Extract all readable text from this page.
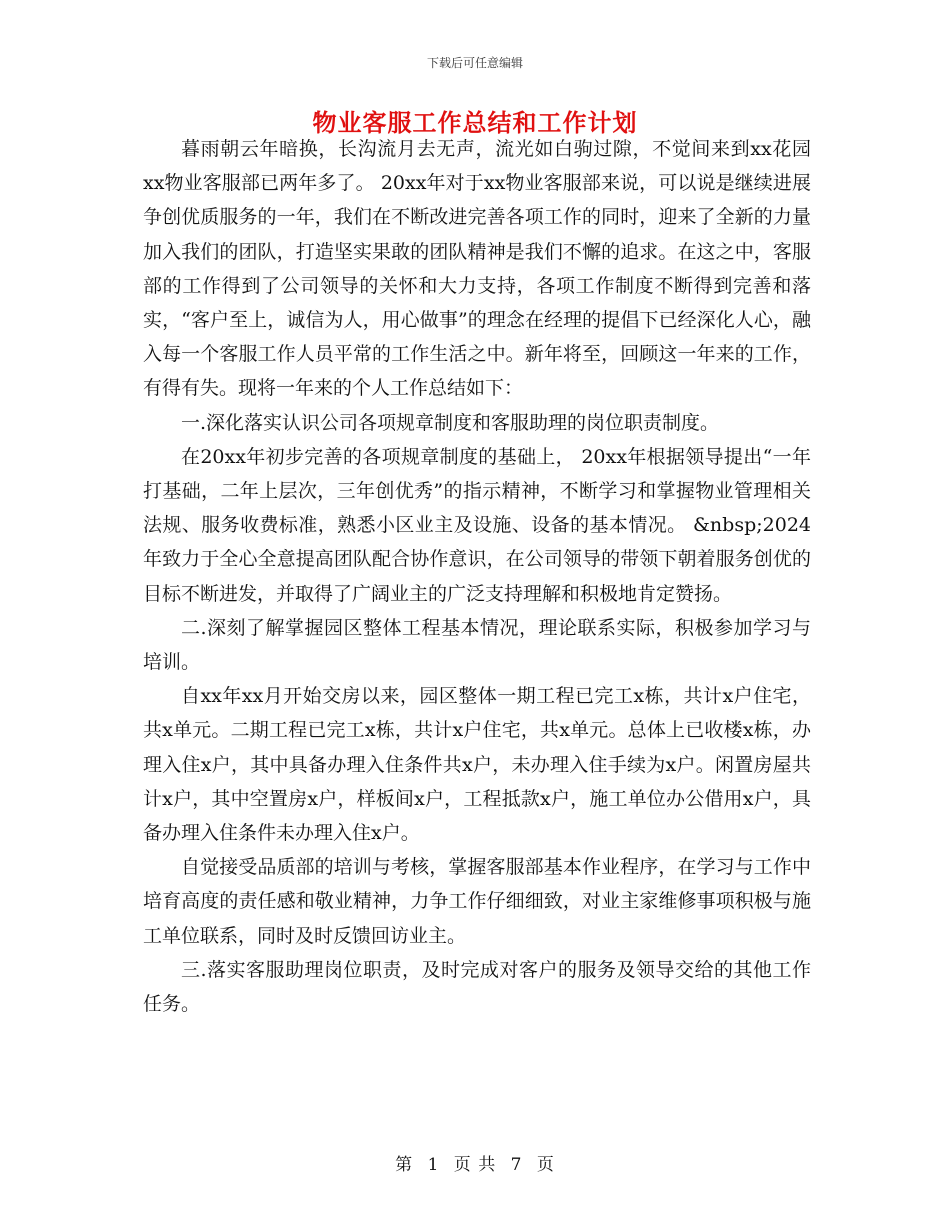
下载后可任意编辑
物业客服工作总结和工作计划

暮雨朝云年暗换，长沟流月去无声，流光如白驹过隙，不觉间来到xx花园xx物业客服部已两年多了。 20xx年对于xx物业客服部来说，可以说是继续进展争创优质服务的一年，我们在不断改进完善各项工作的同时，迎来了全新的力量加入我们的团队，打造坚实果敢的团队精神是我们不懈的追求。在这之中，客服部的工作得到了公司领导的关怀和大力支持，各项工作制度不断得到完善和落实，“客户至上，诚信为人，用心做事”的理念在经理的提倡下已经深化人心，融入每一个客服工作人员平常的工作生活之中。新年将至，回顾这一年来的工作，有得有失。现将一年来的个人工作总结如下：

一.深化落实认识公司各项规章制度和客服助理的岗位职责制度。

在20xx年初步完善的各项规章制度的基础上， 20xx年根据领导提出“一年打基础，二年上层次，三年创优秀”的指示精神，不断学习和掌握物业管理相关法规、服务收费标准，熟悉小区业主及设施、设备的基本情况。 &nbsp;2024 年致力于全心全意提高团队配合协作意识，在公司领导的带领下朝着服务创优的目标不断进发，并取得了广阔业主的广泛支持理解和积极地肯定赞扬。

二.深刻了解掌握园区整体工程基本情况，理论联系实际，积极参加学习与培训。

自xx年xx月开始交房以来，园区整体一期工程已完工x栋，共计x户住宅，共x单元。二期工程已完工x栋，共计x户住宅，共x单元。总体上已收楼x栋，办理入住x户，其中具备办理入住条件共x户，未办理入住手续为x户。闲置房屋共计x户，其中空置房x户，样板间x户，工程抵款x户，施工单位办公借用x户，具备办理入住条件未办理入住x户。

自觉接受品质部的培训与考核，掌握客服部基本作业程序，在学习与工作中培育高度的责任感和敬业精神，力争工作仔细细致，对业主家维修事项积极与施工单位联系，同时及时反馈回访业主。

三.落实客服助理岗位职责，及时完成对客户的服务及领导交给的其他工作任务。

第 1 页 共 7 页
